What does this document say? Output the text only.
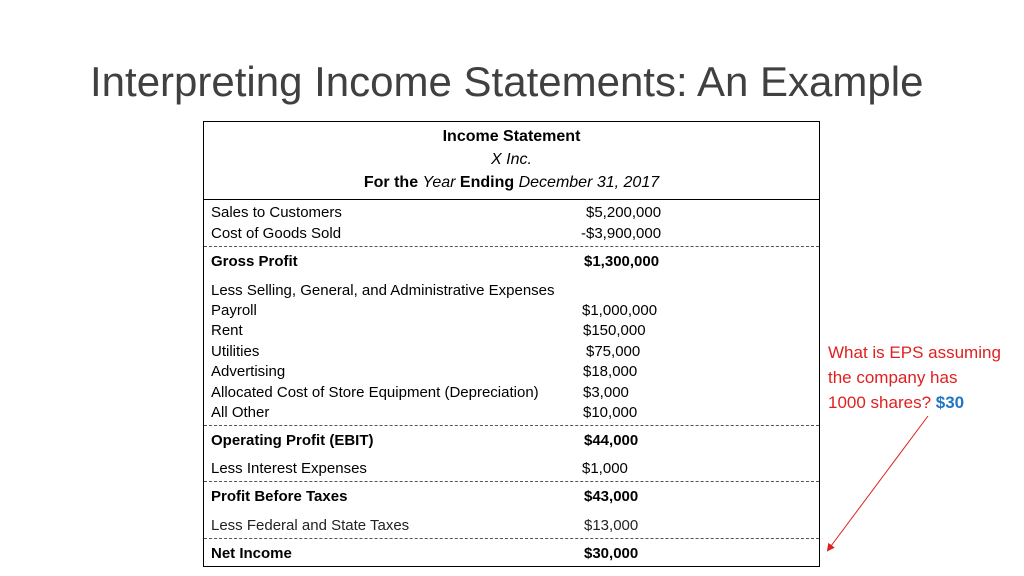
Interpreting Income Statements: An Example
Income Statement
X Inc.
For the Year Ending December 31, 2017
Sales to Customers	$5,200,000
Cost of Goods Sold	-$3,900,000
Gross Profit	$1,300,000
Less Selling, General, and Administrative Expenses
Payroll	$1,000,000
Rent	$150,000
Utilities	$75,000
Advertising	$18,000
Allocated Cost of Store Equipment (Depreciation)	$3,000
All Other	$10,000
Operating Profit (EBIT)	$44,000
Less Interest Expenses	$1,000
Profit Before Taxes	$43,000
Less Federal and State Taxes	$13,000
Net Income	$30,000
What is EPS assuming
the company has
1000 shares? $30
